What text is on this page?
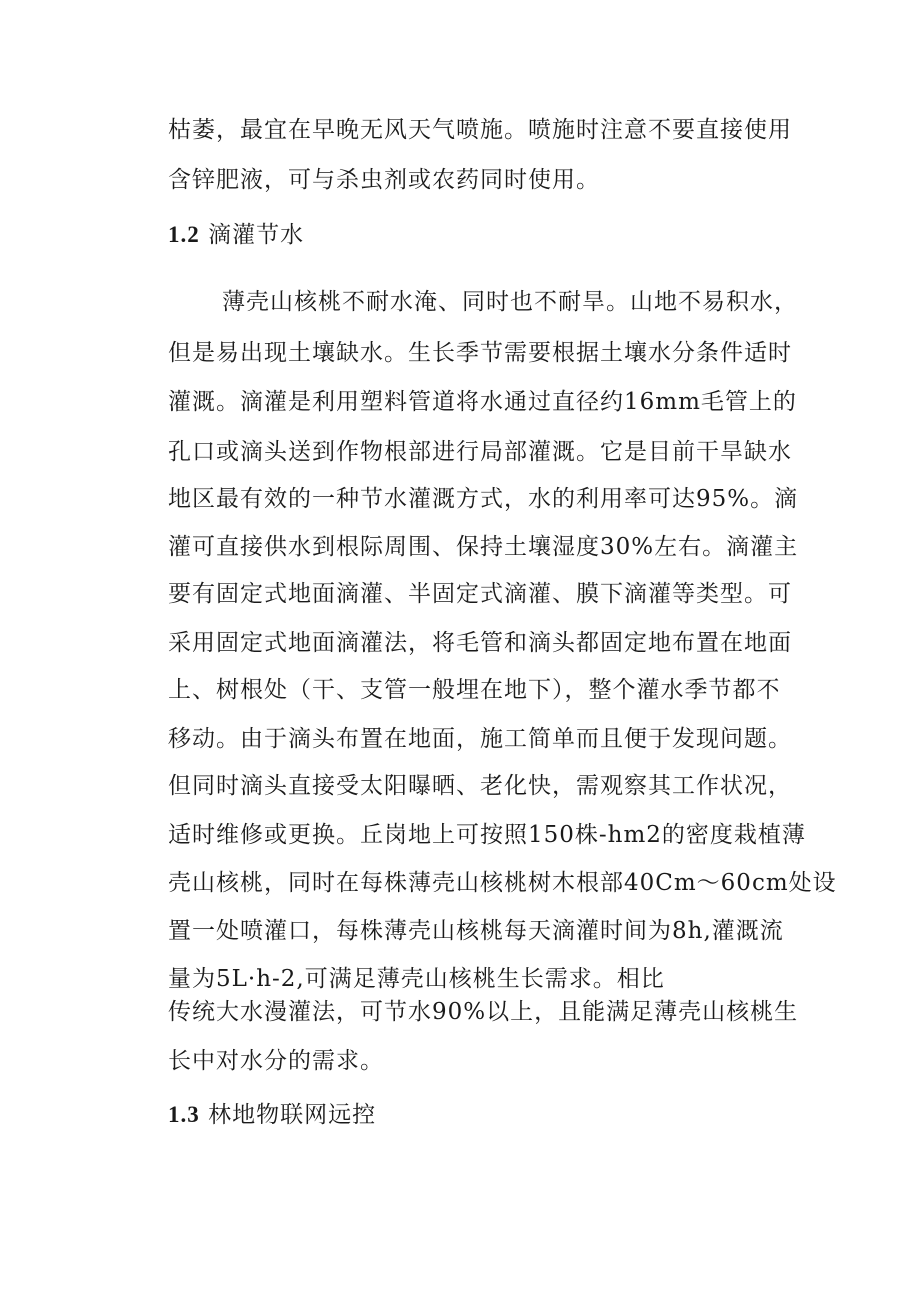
枯萎，最宜在早晚无风天气喷施。喷施时注意不要直接使用
含锌肥液，可与杀虫剂或农药同时使用。
1.2 滴灌节水
薄壳山核桃不耐水淹、同时也不耐旱。山地不易积水，
但是易出现土壤缺水。生长季节需要根据土壤水分条件适时
灌溉。滴灌是利用塑料管道将水通过直径约16mm毛管上的
孔口或滴头送到作物根部进行局部灌溉。它是目前干旱缺水
地区最有效的一种节水灌溉方式，水的利用率可达95%。滴
灌可直接供水到根际周围、保持土壤湿度30%左右。滴灌主
要有固定式地面滴灌、半固定式滴灌、膜下滴灌等类型。可
采用固定式地面滴灌法，将毛管和滴头都固定地布置在地面
上、树根处（干、支管一般埋在地下），整个灌水季节都不
移动。由于滴头布置在地面，施工简单而且便于发现问题。
但同时滴头直接受太阳曝晒、老化快，需观察其工作状况，
适时维修或更换。丘岗地上可按照150株-hm2的密度栽植薄
壳山核桃，同时在每株薄壳山核桃树木根部40Cm～60cm处设
置一处喷灌口，每株薄壳山核桃每天滴灌时间为8h,灌溉流
量为5L·h-2,可满足薄壳山核桃生长需求。相比
传统大水漫灌法，可节水90%以上，且能满足薄壳山核桃生
长中对水分的需求。
1.3 林地物联网远控
